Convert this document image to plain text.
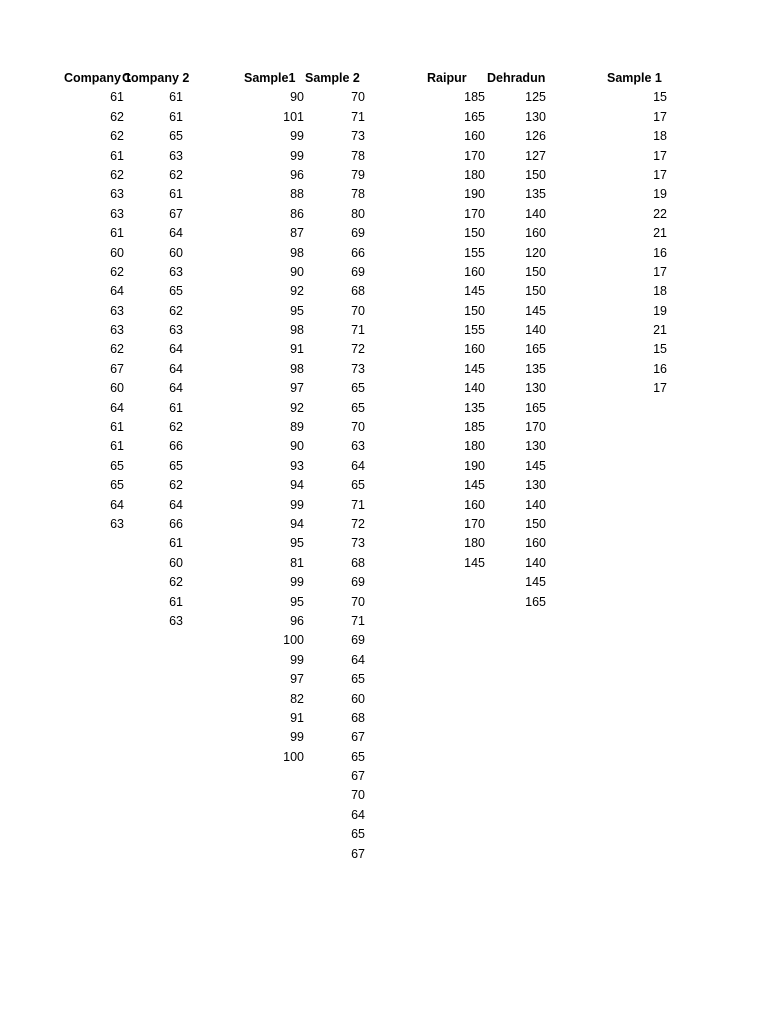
Company 1
61
62
62
61
62
63
63
61
60
62
64
63
63
62
67
60
64
61
61
65
65
64
63
Company 2
61
61
65
63
62
61
67
64
60
63
65
62
63
64
64
64
61
62
66
65
62
64
66
61
60
62
61
63
Sample1
90
101
99
99
96
88
86
87
98
90
92
95
98
91
98
97
92
89
90
93
94
99
94
95
81
99
95
96
100
99
97
82
91
99
100
Sample 2
70
71
73
78
79
78
80
69
66
69
68
70
71
72
73
65
65
70
63
64
65
71
72
73
68
69
70
71
69
64
65
60
68
67
65
67
70
64
65
67
Raipur
185
165
160
170
180
190
170
150
155
160
145
150
155
160
145
140
135
185
180
190
145
160
170
180
145
Dehradun
125
130
126
127
150
135
140
160
120
150
150
145
140
165
135
130
165
170
130
145
130
140
150
160
140
145
165
Sample 1
15
17
18
17
17
19
22
21
16
17
18
19
21
15
16
17
